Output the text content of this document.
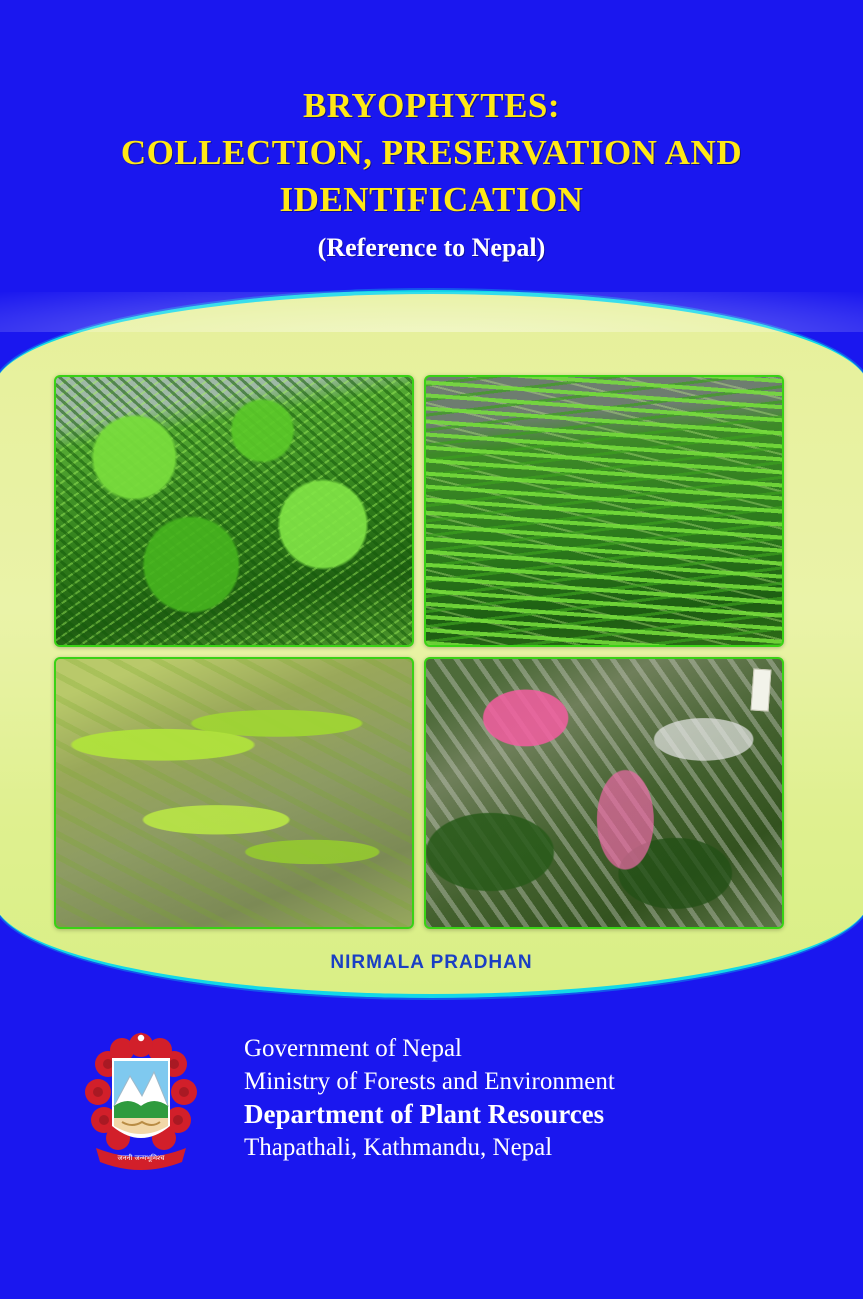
BRYOPHYTES:
COLLECTION, PRESERVATION AND
IDENTIFICATION
(Reference to Nepal)
NIRMALA PRADHAN
जननी जन्मभूमिश्च
Government of Nepal
Ministry of Forests and Environment
Department of Plant Resources
Thapathali, Kathmandu, Nepal
